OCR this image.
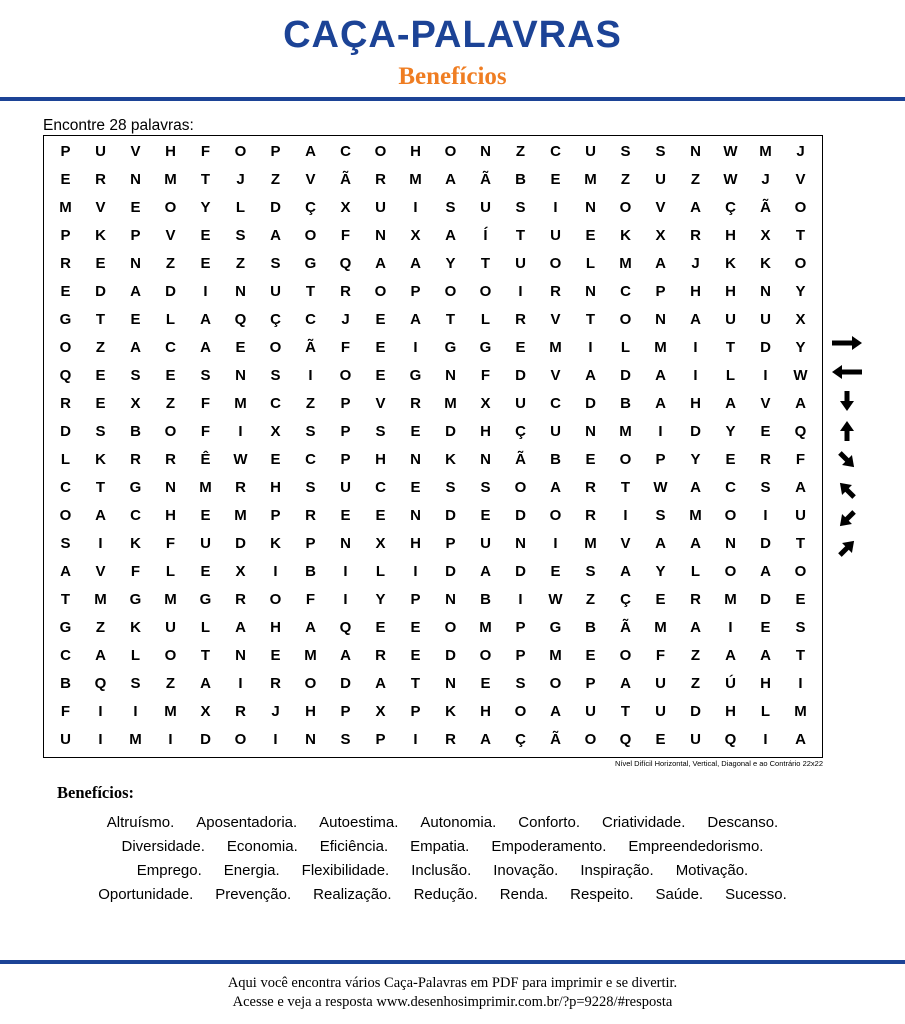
CAÇA-PALAVRAS
Benefícios
Encontre 28 palavras:
P	U	V	H	F	O	P	A	C	O	H	O	N	Z	C	U	S	S	N	W	M	J
E	R	N	M	T	J	Z	V	Ã	R	M	A	Ã	B	E	M	Z	U	Z	W	J	V
M	V	E	O	Y	L	D	Ç	X	U	I	S	U	S	I	N	O	V	A	Ç	Ã	O
P	K	P	V	E	S	A	O	F	N	X	A	Í	T	U	E	K	X	R	H	X	T
R	E	N	Z	E	Z	S	G	Q	A	A	Y	T	U	O	L	M	A	J	K	K	O
E	D	A	D	I	N	U	T	R	O	P	O	O	I	R	N	C	P	H	H	N	Y
G	T	E	L	A	Q	Ç	C	J	E	A	T	L	R	V	T	O	N	A	U	U	X
O	Z	A	C	A	E	O	Ã	F	E	I	G	G	E	M	I	L	M	I	T	D	Y
Q	E	S	E	S	N	S	I	O	E	G	N	F	D	V	A	D	A	I	L	I	W
R	E	X	Z	F	M	C	Z	P	V	R	M	X	U	C	D	B	A	H	A	V	A
D	S	B	O	F	I	X	S	P	S	E	D	H	Ç	U	N	M	I	D	Y	E	Q
L	K	R	R	Ê	W	E	C	P	H	N	K	N	Ã	B	E	O	P	Y	E	R	F
C	T	G	N	M	R	H	S	U	C	E	S	S	O	A	R	T	W	A	C	S	A
O	A	C	H	E	M	P	R	E	E	N	D	E	D	O	R	I	S	M	O	I	U
S	I	K	F	U	D	K	P	N	X	H	P	U	N	I	M	V	A	A	N	D	T
A	V	F	L	E	X	I	B	I	L	I	D	A	D	E	S	A	Y	L	O	A	O
T	M	G	M	G	R	O	F	I	Y	P	N	B	I	W	Z	Ç	E	R	M	D	E
G	Z	K	U	L	A	H	A	Q	E	E	O	M	P	G	B	Ã	M	A	I	E	S
C	A	L	O	T	N	E	M	A	R	E	D	O	P	M	E	O	F	Z	A	A	T
B	Q	S	Z	A	I	R	O	D	A	T	N	E	S	O	P	A	U	Z	Ú	H	I
F	I	I	M	X	R	J	H	P	X	P	K	H	O	A	U	T	U	D	H	L	M
U	I	M	I	D	O	I	N	S	P	I	R	A	Ç	Ã	O	Q	E	U	Q	I	A
Nível Difícil Horizontal, Vertical, Diagonal e ao Contrário 22x22
Benefícios:
Altruísmo. Aposentadoria. Autoestima. Autonomia. Conforto. Criatividade. Descanso.
Diversidade. Economia. Eficiência. Empatia. Empoderamento. Empreendedorismo.
Emprego. Energia. Flexibilidade. Inclusão. Inovação. Inspiração. Motivação.
Oportunidade. Prevenção. Realização. Redução. Renda. Respeito. Saúde. Sucesso.
Aqui você encontra vários Caça-Palavras em PDF para imprimir e se divertir.
Acesse e veja a resposta www.desenhosimprimir.com.br/?p=9228/#resposta
